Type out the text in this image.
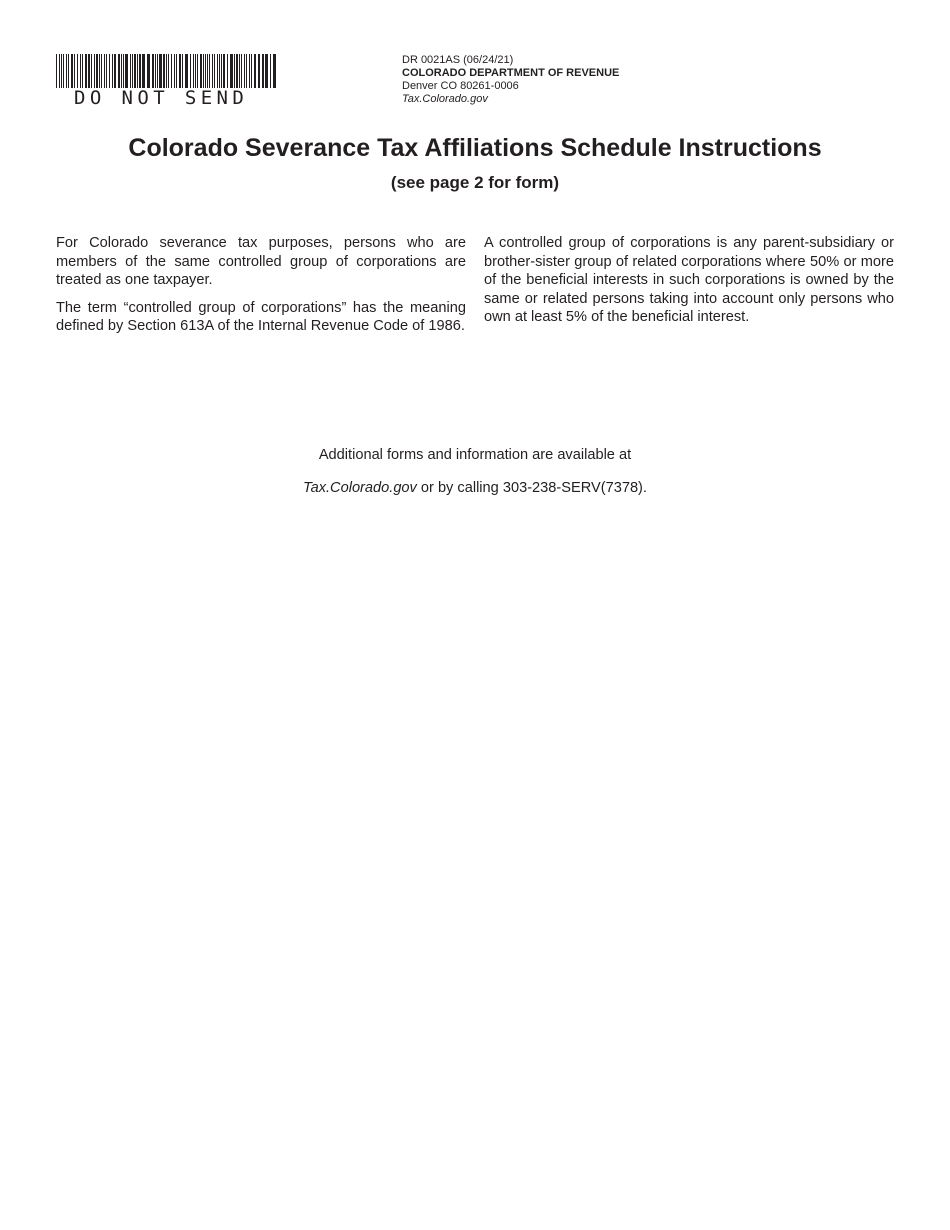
DO NOT SEND
DR 0021AS (06/24/21)
COLORADO DEPARTMENT OF REVENUE
Denver CO 80261-0006
Tax.Colorado.gov
Colorado Severance Tax Affiliations Schedule Instructions
(see page 2 for form)

For Colorado severance tax purposes, persons who are members of the same controlled group of corporations are treated as one taxpayer.

The term “controlled group of corporations” has the meaning defined by Section 613A of the Internal Revenue Code of 1986.

A controlled group of corporations is any parent-subsidiary or brother-sister group of related corporations where 50% or more of the beneficial interests in such corporations is owned by the same or related persons taking into account only persons who own at least 5% of the beneficial interest.

Additional forms and information are available at
Tax.Colorado.gov or by calling 303-238-SERV(7378).
